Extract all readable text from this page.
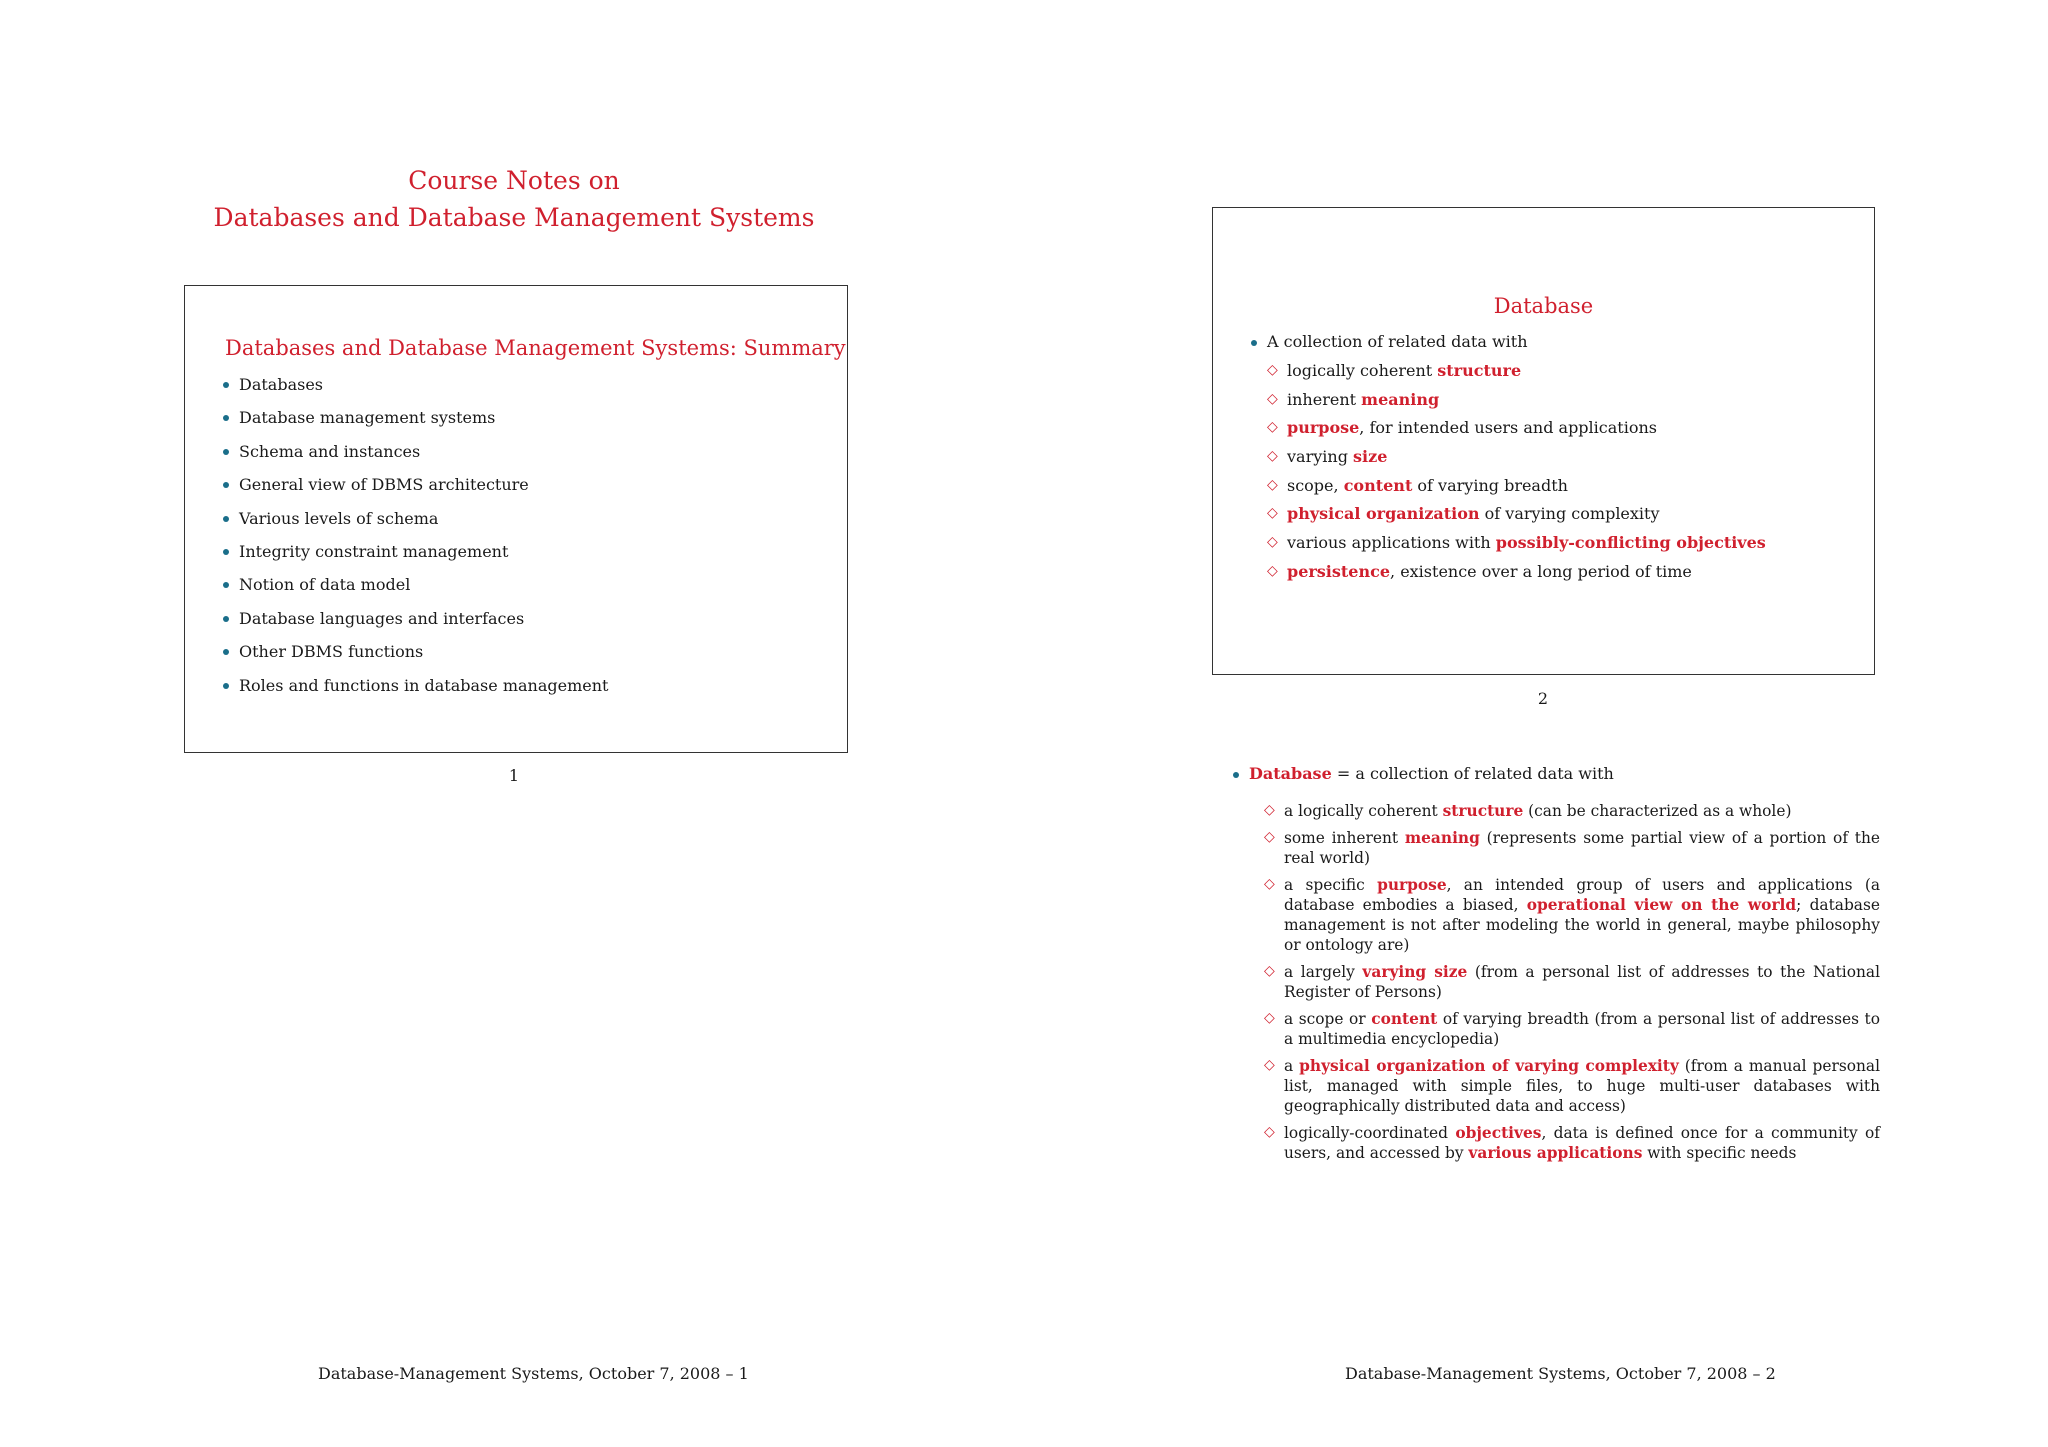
Course Notes on
Databases and Database Management Systems
Databases and Database Management Systems: Summary
Databases
Database management systems
Schema and instances
General view of DBMS architecture
Various levels of schema
Integrity constraint management
Notion of data model
Database languages and interfaces
Other DBMS functions
Roles and functions in database management
1
Database
A collection of related data with
◇ logically coherent structure
◇ inherent meaning
◇ purpose, for intended users and applications
◇ varying size
◇ scope, content of varying breadth
◇ physical organization of varying complexity
◇ various applications with possibly-conflicting objectives
◇ persistence, existence over a long period of time
2
Database = a collection of related data with
◇ a logically coherent structure (can be characterized as a whole)
◇ some inherent meaning (represents some partial view of a portion of the real world)
◇ a specific purpose, an intended group of users and applications (a database embodies a biased, operational view on the world; database management is not after modeling the world in general, maybe philosophy or ontology are)
◇ a largely varying size (from a personal list of addresses to the National Register of Persons)
◇ a scope or content of varying breadth (from a personal list of addresses to a multimedia encyclopedia)
◇ a physical organization of varying complexity (from a manual personal list, managed with simple files, to huge multi-user databases with geographically distributed data and access)
◇ logically-coordinated objectives, data is defined once for a community of users, and accessed by various applications with specific needs
Database-Management Systems, October 7, 2008 – 1	Database-Management Systems, October 7, 2008 – 2
